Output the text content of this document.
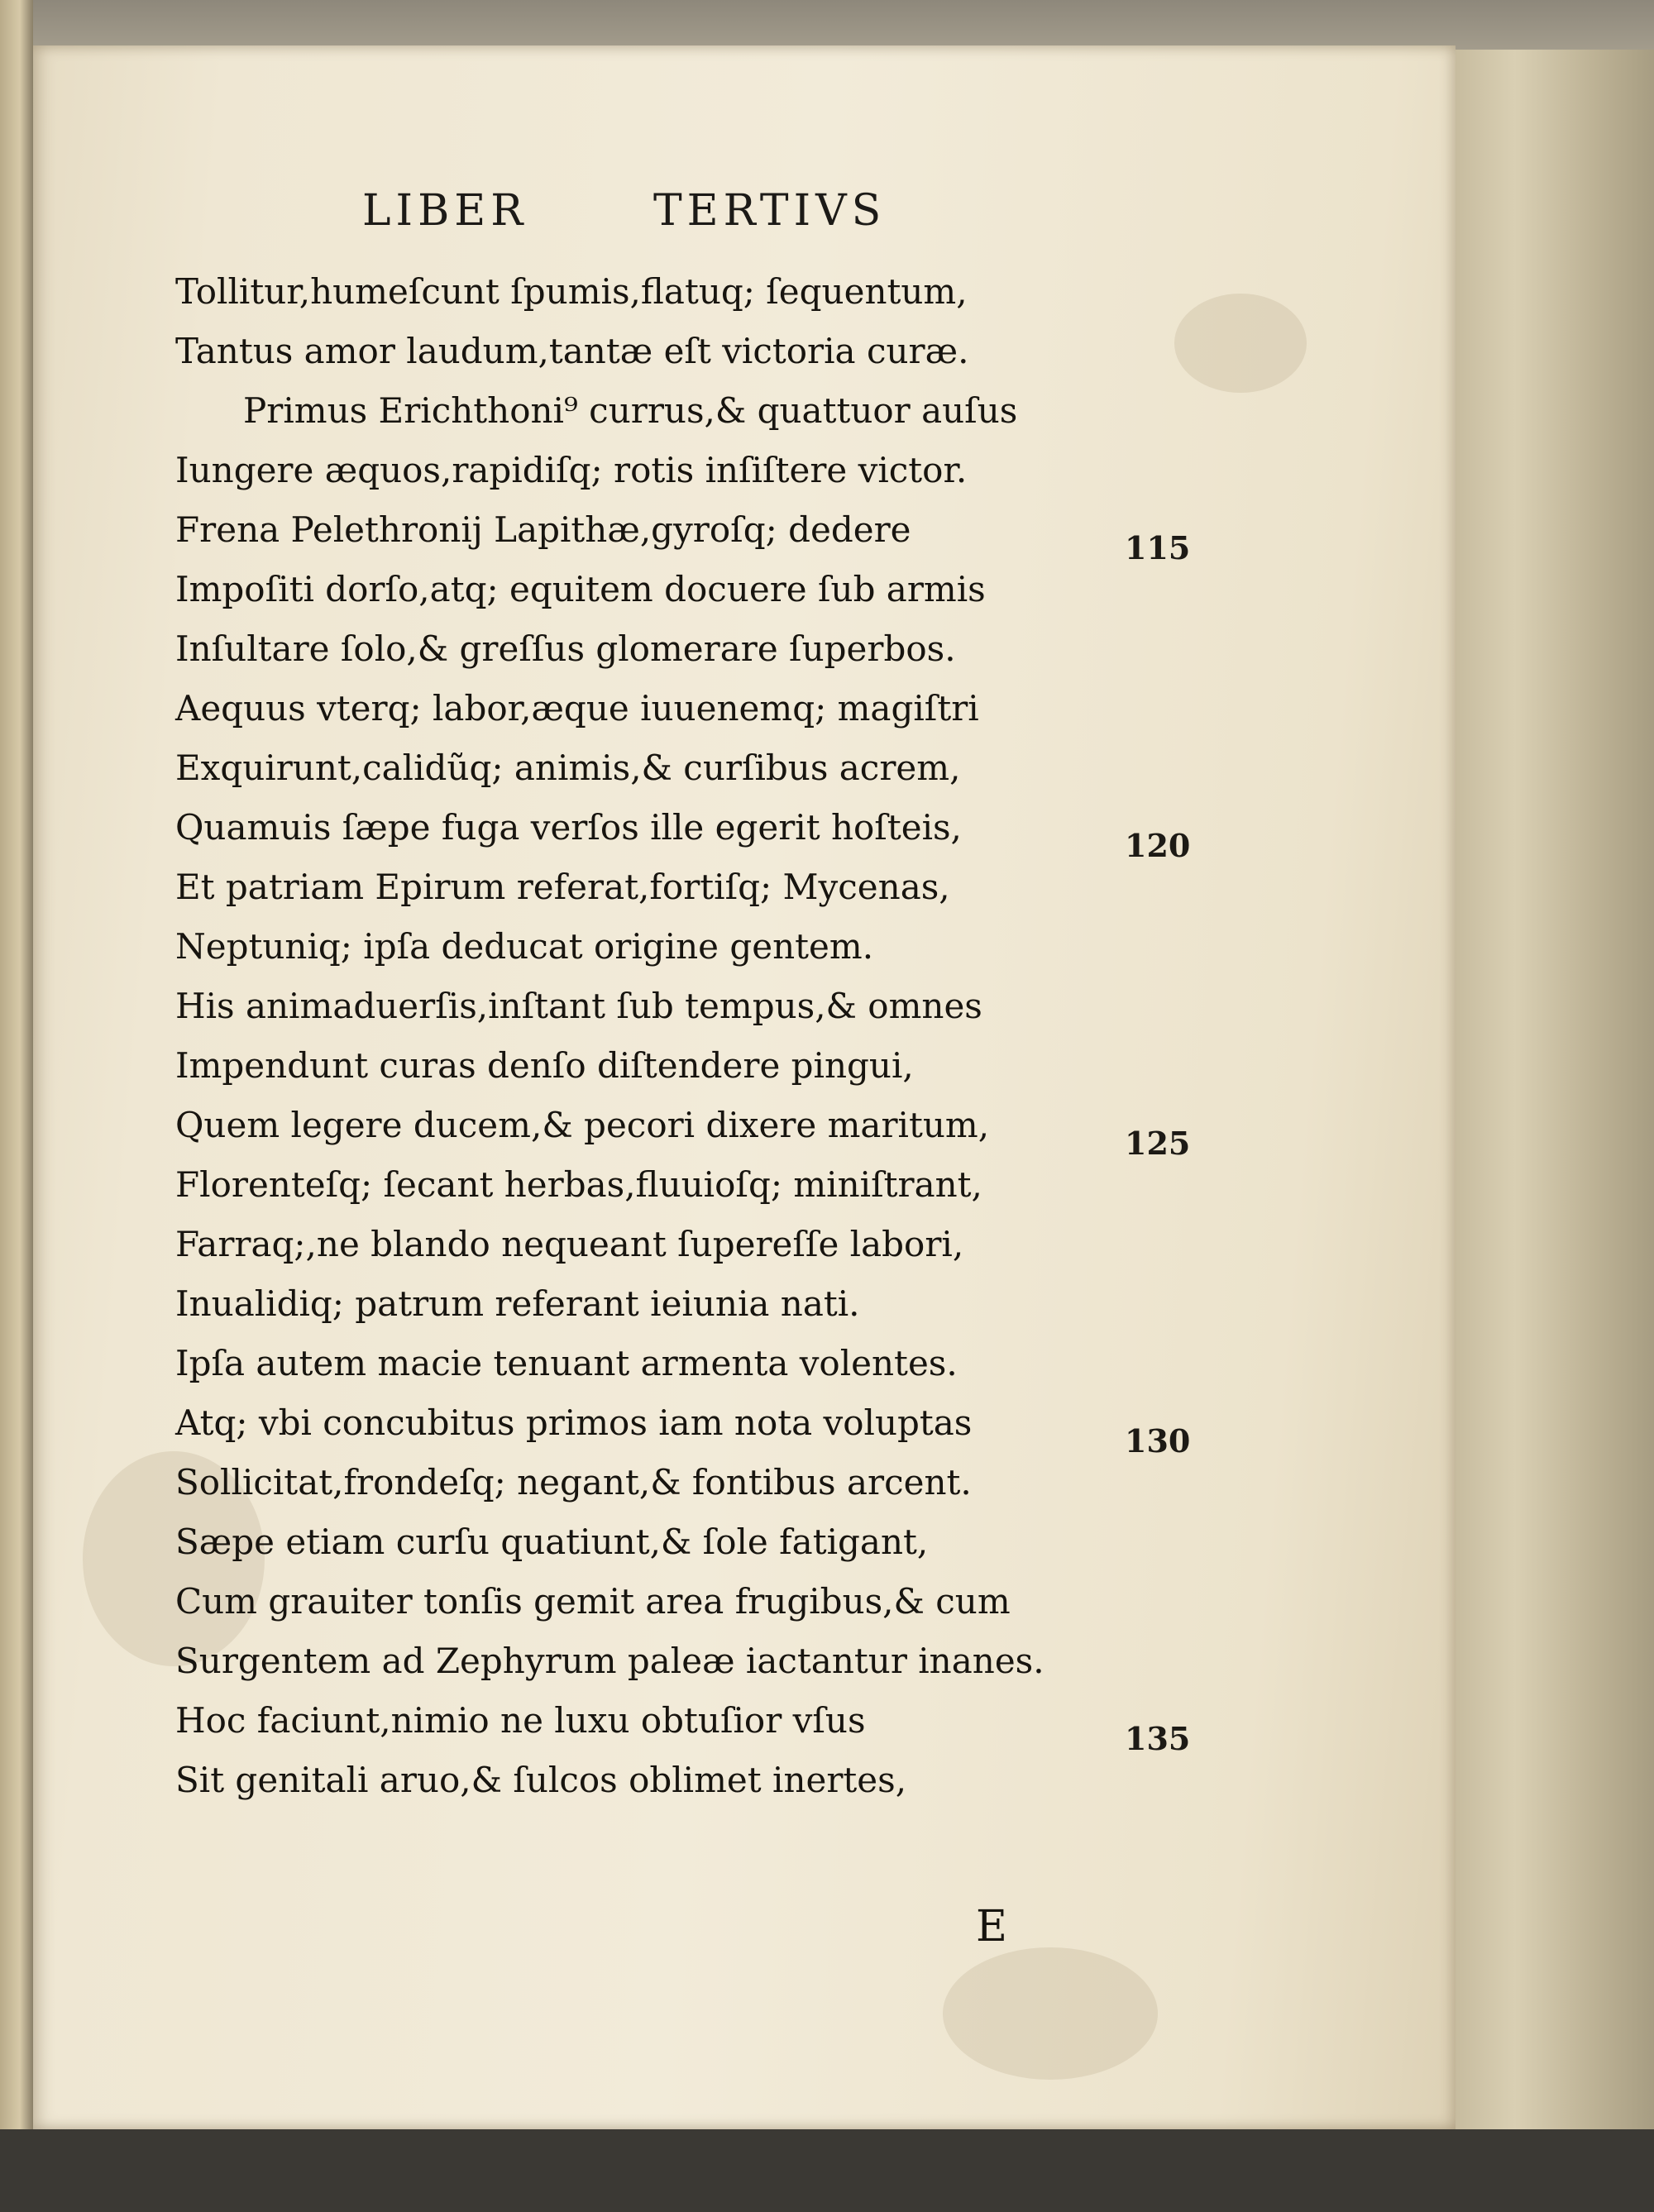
LIBER	TERTIVS
Tollitur,humeſcunt ſpumis,flatuq; ſequentum,
Tantus amor laudum,tantæ eſt victoria curæ.
Primus Erichthoni⁹ currus,& quattuor auſus
Iungere æquos,rapidiſq; rotis inſiſtere victor.
Frena Pelethronij Lapithæ,gyroſq; dedere
Impoſiti dorſo,atq; equitem docuere ſub armis
Inſultare ſolo,& greſſus glomerare ſuperbos.
Aequus vterq; labor,æque iuuenemq; magiſtri
Exquirunt,calidũq; animis,& curſibus acrem,
Quamuis ſæpe fuga verſos ille egerit hoſteis,
Et patriam Epirum referat,fortiſq; Mycenas,
Neptuniq; ipſa deducat origine gentem.
His animaduerſis,inſtant ſub tempus,& omnes
Impendunt curas denſo diſtendere pingui,
Quem legere ducem,& pecori dixere maritum,
Florenteſq; ſecant herbas,fluuioſq; miniſtrant,
Farraq;,ne blando nequeant ſupereſſe labori,
Inualidiq; patrum referant ieiunia nati.
Ipſa autem macie tenuant armenta volentes.
Atq; vbi concubitus primos iam nota voluptas
Sollicitat,frondeſq; negant,& fontibus arcent.
Sæpe etiam curſu quatiunt,& ſole fatigant,
Cum grauiter tonſis gemit area frugibus,& cum
Surgentem ad Zephyrum paleæ iactantur inanes.
Hoc faciunt,nimio ne luxu obtuſior vſus
Sit genitali aruo,& ſulcos oblimet inertes,
115
120
125
130
135
E
